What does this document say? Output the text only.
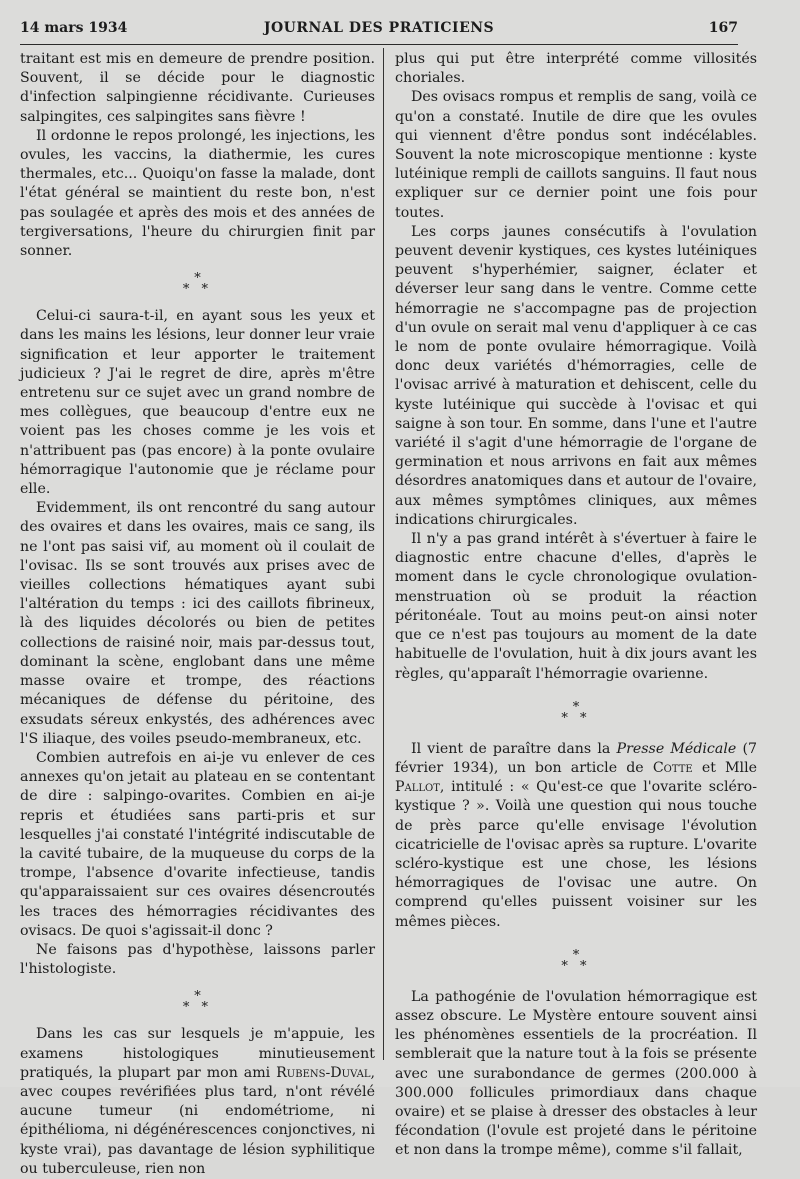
14 mars 1934	JOURNAL DES PRATICIENS	167

traitant est mis en demeure de prendre position. Souvent, il se décide pour le diagnostic d'infection salpingienne récidivante. Curieuses salpingites, ces salpingites sans fièvre !

Il ordonne le repos prolongé, les injections, les ovules, les vaccins, la diathermie, les cures thermales, etc... Quoiqu'on fasse la malade, dont l'état général se maintient du reste bon, n'est pas soulagée et après des mois et des années de tergiversations, l'heure du chirurgien finit par sonner.

*
* *

Celui-ci saura-t-il, en ayant sous les yeux et dans les mains les lésions, leur donner leur vraie signification et leur apporter le traitement judicieux ? J'ai le regret de dire, après m'être entretenu sur ce sujet avec un grand nombre de mes collègues, que beaucoup d'entre eux ne voient pas les choses comme je les vois et n'attribuent pas (pas encore) à la ponte ovulaire hémorragique l'autonomie que je réclame pour elle.

Evidemment, ils ont rencontré du sang autour des ovaires et dans les ovaires, mais ce sang, ils ne l'ont pas saisi vif, au moment où il coulait de l'ovisac. Ils se sont trouvés aux prises avec de vieilles collections hématiques ayant subi l'altération du temps : ici des caillots fibrineux, là des liquides décolorés ou bien de petites collections de raisiné noir, mais par-dessus tout, dominant la scène, englobant dans une même masse ovaire et trompe, des réactions mécaniques de défense du péritoine, des exsudats séreux enkystés, des adhérences avec l'S iliaque, des voiles pseudo-membraneux, etc.

Combien autrefois en ai-je vu enlever de ces annexes qu'on jetait au plateau en se contentant de dire : salpingo-ovarites. Combien en ai-je repris et étudiées sans parti-pris et sur lesquelles j'ai constaté l'intégrité indiscutable de la cavité tubaire, de la muqueuse du corps de la trompe, l'absence d'ovarite infectieuse, tandis qu'apparaissaient sur ces ovaires désencroutés les traces des hémorragies récidivantes des ovisacs. De quoi s'agissait-il donc ?

Ne faisons pas d'hypothèse, laissons parler l'histologiste.

*
* *

Dans les cas sur lesquels je m'appuie, les examens histologiques minutieusement pratiqués, la plupart par mon ami Rubens-Duval, avec coupes revérifiées plus tard, n'ont révélé aucune tumeur (ni endométriome, ni épithélioma, ni dégénérescences conjonctives, ni kyste vrai), pas davantage de lésion syphilitique ou tuberculeuse, rien non

plus qui put être interprété comme villosités choriales.

Des ovisacs rompus et remplis de sang, voilà ce qu'on a constaté. Inutile de dire que les ovules qui viennent d'être pondus sont indécélables. Souvent la note microscopique mentionne : kyste lutéinique rempli de caillots sanguins. Il faut nous expliquer sur ce dernier point une fois pour toutes.

Les corps jaunes consécutifs à l'ovulation peuvent devenir kystiques, ces kystes lutéiniques peuvent s'hyperhémier, saigner, éclater et déverser leur sang dans le ventre. Comme cette hémorragie ne s'accompagne pas de projection d'un ovule on serait mal venu d'appliquer à ce cas le nom de ponte ovulaire hémorragique. Voilà donc deux variétés d'hémorragies, celle de l'ovisac arrivé à maturation et dehiscent, celle du kyste lutéinique qui succède à l'ovisac et qui saigne à son tour. En somme, dans l'une et l'autre variété il s'agit d'une hémorragie de l'organe de germination et nous arrivons en fait aux mêmes désordres anatomiques dans et autour de l'ovaire, aux mêmes symptômes cliniques, aux mêmes indications chirurgicales.

Il n'y a pas grand intérêt à s'évertuer à faire le diagnostic entre chacune d'elles, d'après le moment dans le cycle chronologique ovulation-menstruation où se produit la réaction péritonéale. Tout au moins peut-on ainsi noter que ce n'est pas toujours au moment de la date habituelle de l'ovulation, huit à dix jours avant les règles, qu'apparaît l'hémorragie ovarienne.

*
* *

Il vient de paraître dans la Presse Médicale (7 février 1934), un bon article de Cotte et Mlle Pallot, intitulé : « Qu'est-ce que l'ovarite scléro-kystique ? ». Voilà une question qui nous touche de près parce qu'elle envisage l'évolution cicatricielle de l'ovisac après sa rupture. L'ovarite scléro-kystique est une chose, les lésions hémorragiques de l'ovisac une autre. On comprend qu'elles puissent voisiner sur les mêmes pièces.

*
* *

La pathogénie de l'ovulation hémorragique est assez obscure. Le Mystère entoure souvent ainsi les phénomènes essentiels de la procréation. Il semblerait que la nature tout à la fois se présente avec une surabondance de germes (200.000 à 300.000 follicules primordiaux dans chaque ovaire) et se plaise à dresser des obstacles à leur fécondation (l'ovule est projeté dans le péritoine et non dans la trompe même), comme s'il fallait,
